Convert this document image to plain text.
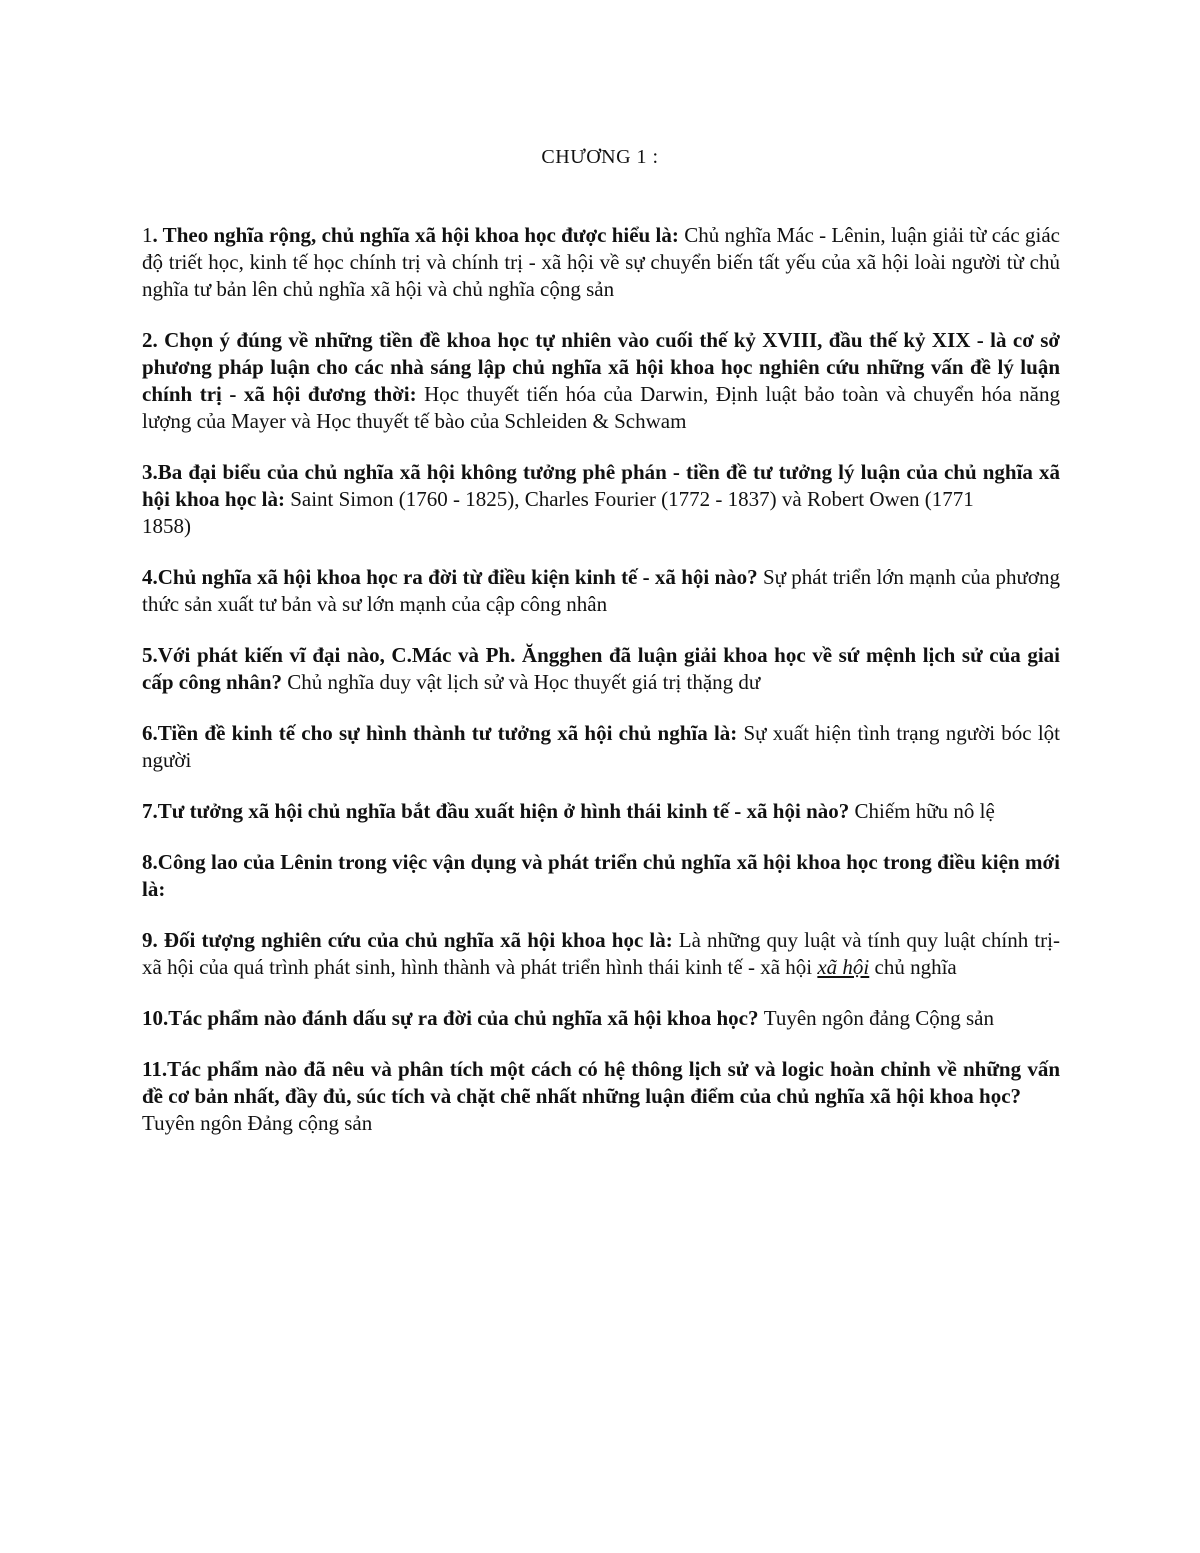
CHƯƠNG 1 :

1. Theo nghĩa rộng, chủ nghĩa xã hội khoa học được hiểu là: Chủ nghĩa Mác - Lênin, luận giải từ các giác độ triết học, kinh tế học chính trị và chính trị - xã hội về sự chuyển biến tất yếu của xã hội loài người từ chủ nghĩa tư bản lên chủ nghĩa xã hội và chủ nghĩa cộng sản

2. Chọn ý đúng về những tiền đề khoa học tự nhiên vào cuối thế kỷ XVIII, đầu thế kỷ XIX - là cơ sở phương pháp luận cho các nhà sáng lập chủ nghĩa xã hội khoa học nghiên cứu những vấn đề lý luận chính trị - xã hội đương thời: Học thuyết tiến hóa của Darwin, Định luật bảo toàn và chuyển hóa năng lượng của Mayer và Học thuyết tế bào của Schleiden & Schwam

3.Ba đại biểu của chủ nghĩa xã hội không tưởng phê phán - tiền đề tư tưởng lý luận của chủ nghĩa xã hội khoa học là: Saint Simon (1760 - 1825), Charles Fourier (1772 - 1837) và Robert Owen (1771
1858)

4.Chủ nghĩa xã hội khoa học ra đời từ điều kiện kinh tế - xã hội nào? Sự phát triển lớn mạnh của phương thức sản xuất tư bản và sư lớn mạnh của cập công nhân

5.Với phát kiến vĩ đại nào, C.Mác và Ph. Ăngghen đã luận giải khoa học về sứ mệnh lịch sử của giai cấp công nhân? Chủ nghĩa duy vật lịch sử và Học thuyết giá trị thặng dư

6.Tiền đề kinh tế cho sự hình thành tư tưởng xã hội chủ nghĩa là: Sự xuất hiện tình trạng người bóc lột người

7.Tư tưởng xã hội chủ nghĩa bắt đầu xuất hiện ở hình thái kinh tế - xã hội nào? Chiếm hữu nô lệ

8.Công lao của Lênin trong việc vận dụng và phát triển chủ nghĩa xã hội khoa học trong điều kiện mới là:

9. Đối tượng nghiên cứu của chủ nghĩa xã hội khoa học là: Là những quy luật và tính quy luật chính trị- xã hội của quá trình phát sinh, hình thành và phát triển hình thái kinh tế - xã hội xã hội chủ nghĩa

10.Tác phẩm nào đánh dấu sự ra đời của chủ nghĩa xã hội khoa học? Tuyên ngôn đảng Cộng sản

11.Tác phẩm nào đã nêu và phân tích một cách có hệ thông lịch sử và logic hoàn chỉnh về những vấn đề cơ bản nhất, đầy đủ, súc tích và chặt chẽ nhất những luận điểm của chủ nghĩa xã hội khoa học?
Tuyên ngôn Đảng cộng sản
